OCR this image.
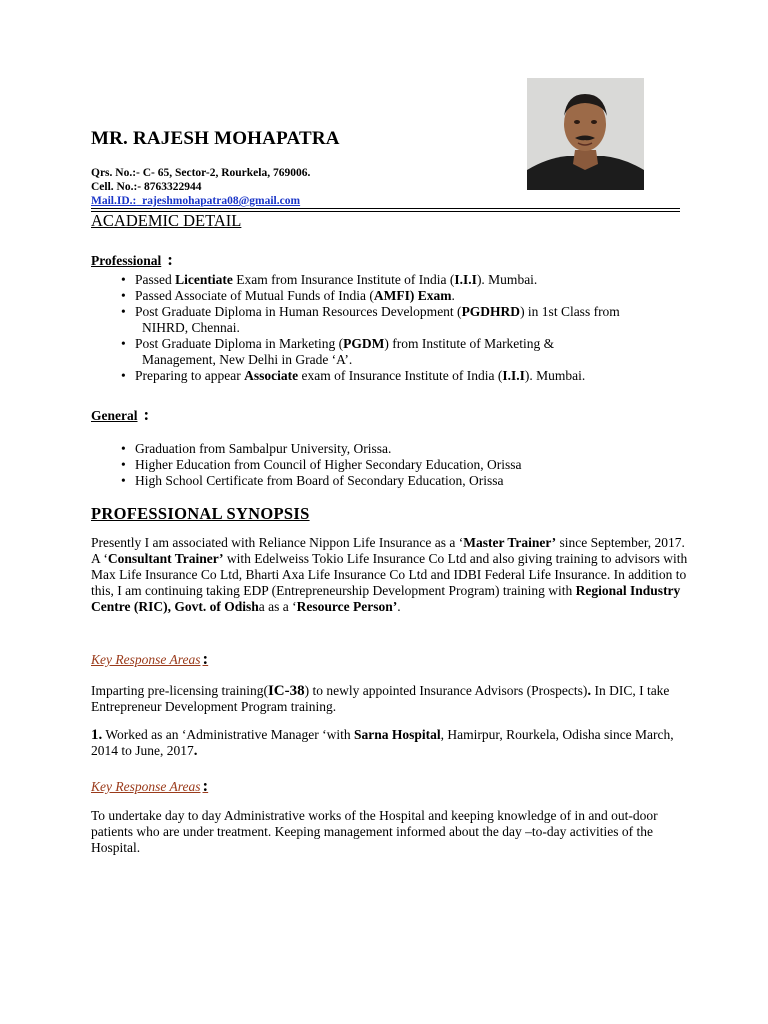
MR. RAJESH MOHAPATRA
Qrs. No.:- C- 65, Sector-2, Rourkela, 769006.
Cell. No.:- 8763322944
Mail.ID.: rajeshmohapatra08@gmail.com
ACADEMIC DETAIL
Professional :
• Passed Licentiate Exam from Insurance Institute of India (I.I.I). Mumbai.
• Passed Associate of Mutual Funds of India (AMFI) Exam.
• Post Graduate Diploma in Human Resources Development (PGDHRD) in 1st Class from
NIHRD, Chennai.
• Post Graduate Diploma in Marketing (PGDM) from Institute of Marketing &
Management, New Delhi in Grade ‘A’.
• Preparing to appear Associate exam of Insurance Institute of India (I.I.I). Mumbai.
General :
• Graduation from Sambalpur University, Orissa.
• Higher Education from Council of Higher Secondary Education, Orissa
• High School Certificate from Board of Secondary Education, Orissa
PROFESSIONAL SYNOPSIS

Presently I am associated with Reliance Nippon Life Insurance as a ‘Master Trainer’ since September, 2017. A ‘Consultant Trainer’ with Edelweiss Tokio Life Insurance Co Ltd and also giving training to advisors with Max Life Insurance Co Ltd, Bharti Axa Life Insurance Co Ltd and IDBI Federal Life Insurance. In addition to this, I am continuing taking EDP (Entrepreneurship Development Program) training with Regional Industry Centre (RIC), Govt. of Odisha as a ‘Resource Person’.

Key Response Areas :

Imparting pre-licensing training(IC-38) to newly appointed Insurance Advisors (Prospects). In DIC, I take Entrepreneur Development Program training.

1. Worked as an ‘Administrative Manager ‘with Sarna Hospital, Hamirpur, Rourkela, Odisha since March, 2014 to June, 2017.

Key Response Areas :

To undertake day to day Administrative works of the Hospital and keeping knowledge of in and out-door patients who are under treatment. Keeping management informed about the day –to-day activities of the Hospital.
